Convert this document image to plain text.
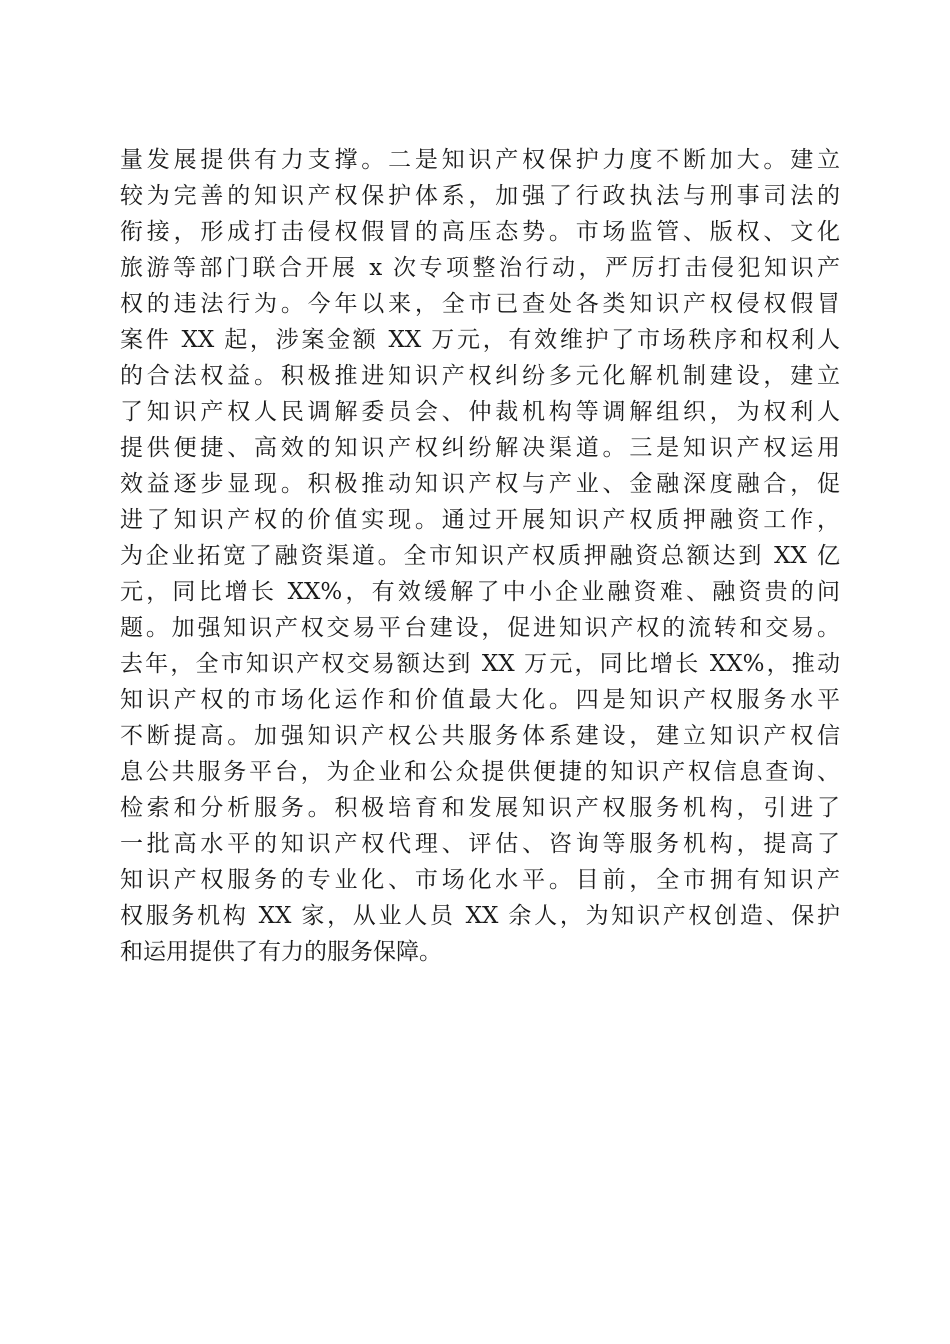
量发展提供有力支撑。二是知识产权保护力度不断加大。建立
较为完善的知识产权保护体系，加强了行政执法与刑事司法的
衔接，形成打击侵权假冒的高压态势。市场监管、版权、文化
旅游等部门联合开展 x 次专项整治行动，严厉打击侵犯知识产
权的违法行为。今年以来，全市已查处各类知识产权侵权假冒
案件 XX 起，涉案金额 XX 万元，有效维护了市场秩序和权利人
的合法权益。积极推进知识产权纠纷多元化解机制建设，建立
了知识产权人民调解委员会、仲裁机构等调解组织，为权利人
提供便捷、高效的知识产权纠纷解决渠道。三是知识产权运用
效益逐步显现。积极推动知识产权与产业、金融深度融合，促
进了知识产权的价值实现。通过开展知识产权质押融资工作，
为企业拓宽了融资渠道。全市知识产权质押融资总额达到 XX 亿
元，同比增长 XX%，有效缓解了中小企业融资难、融资贵的问
题。加强知识产权交易平台建设，促进知识产权的流转和交易。
去年，全市知识产权交易额达到 XX 万元，同比增长 XX%，推动
知识产权的市场化运作和价值最大化。四是知识产权服务水平
不断提高。加强知识产权公共服务体系建设，建立知识产权信
息公共服务平台，为企业和公众提供便捷的知识产权信息查询、
检索和分析服务。积极培育和发展知识产权服务机构，引进了
一批高水平的知识产权代理、评估、咨询等服务机构，提高了
知识产权服务的专业化、市场化水平。目前，全市拥有知识产
权服务机构 XX 家，从业人员 XX 余人，为知识产权创造、保护
和运用提供了有力的服务保障。
